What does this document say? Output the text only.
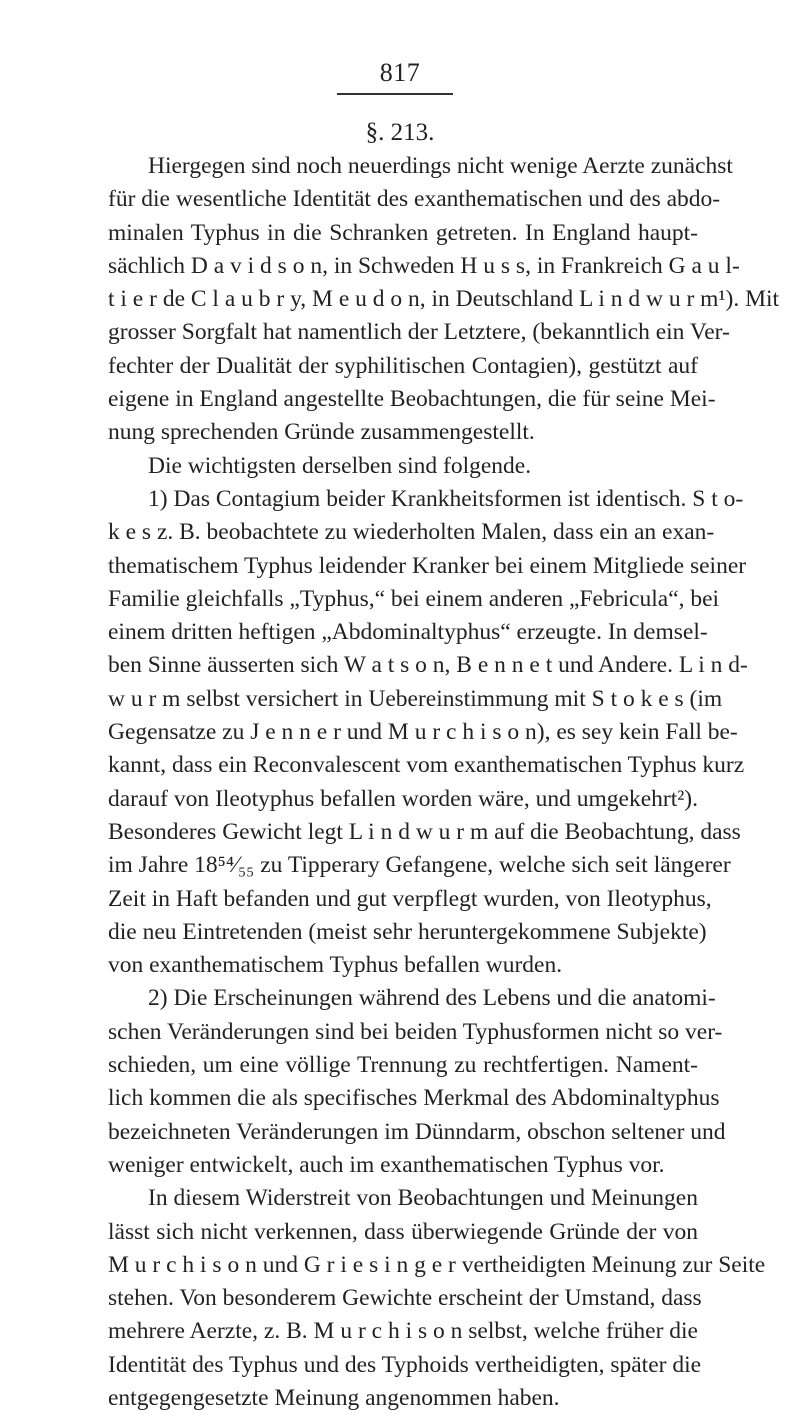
817
§. 213.
Hiergegen sind noch neuerdings nicht wenige Aerzte zunächst
für die wesentliche Identität des exanthematischen und des abdo-
minalen Typhus in die Schranken getreten. In England haupt-
sächlich D a v i d s o n, in Schweden H u s s, in Frankreich G a u l-
t i e r de C l a u b r y, M e u d o n, in Deutschland L i n d w u r m¹). Mit
grosser Sorgfalt hat namentlich der Letztere, (bekanntlich ein Ver-
fechter der Dualität der syphilitischen Contagien), gestützt auf
eigene in England angestellte Beobachtungen, die für seine Mei-
nung sprechenden Gründe zusammengestellt.
Die wichtigsten derselben sind folgende.
1) Das Contagium beider Krankheitsformen ist identisch. S t o-
k e s z. B. beobachtete zu wiederholten Malen, dass ein an exan-
thematischem Typhus leidender Kranker bei einem Mitgliede seiner
Familie gleichfalls „Typhus,“ bei einem anderen „Febricula“, bei
einem dritten heftigen „Abdominaltyphus“ erzeugte. In demsel-
ben Sinne äusserten sich W a t s o n, B e n n e t und Andere. L i n d-
w u r m selbst versichert in Uebereinstimmung mit S t o k e s (im
Gegensatze zu J e n n e r und M u r c h i s o n), es sey kein Fall be-
kannt, dass ein Reconvalescent vom exanthematischen Typhus kurz
darauf von Ileotyphus befallen worden wäre, und umgekehrt²).
Besonderes Gewicht legt L i n d w u r m auf die Beobachtung, dass
im Jahre 18⁵⁴⁄₅₅ zu Tipperary Gefangene, welche sich seit längerer
Zeit in Haft befanden und gut verpflegt wurden, von Ileotyphus,
die neu Eintretenden (meist sehr heruntergekommene Subjekte)
von exanthematischem Typhus befallen wurden.
2) Die Erscheinungen während des Lebens und die anatomi-
schen Veränderungen sind bei beiden Typhusformen nicht so ver-
schieden, um eine völlige Trennung zu rechtfertigen. Nament-
lich kommen die als specifisches Merkmal des Abdominaltyphus
bezeichneten Veränderungen im Dünndarm, obschon seltener und
weniger entwickelt, auch im exanthematischen Typhus vor.
In diesem Widerstreit von Beobachtungen und Meinungen
lässt sich nicht verkennen, dass überwiegende Gründe der von
M u r c h i s o n und G r i e s i n g e r vertheidigten Meinung zur Seite
stehen. Von besonderem Gewichte erscheint der Umstand, dass
mehrere Aerzte, z. B. M u r c h i s o n selbst, welche früher die
Identität des Typhus und des Typhoids vertheidigten, später die
entgegengesetzte Meinung angenommen haben.
